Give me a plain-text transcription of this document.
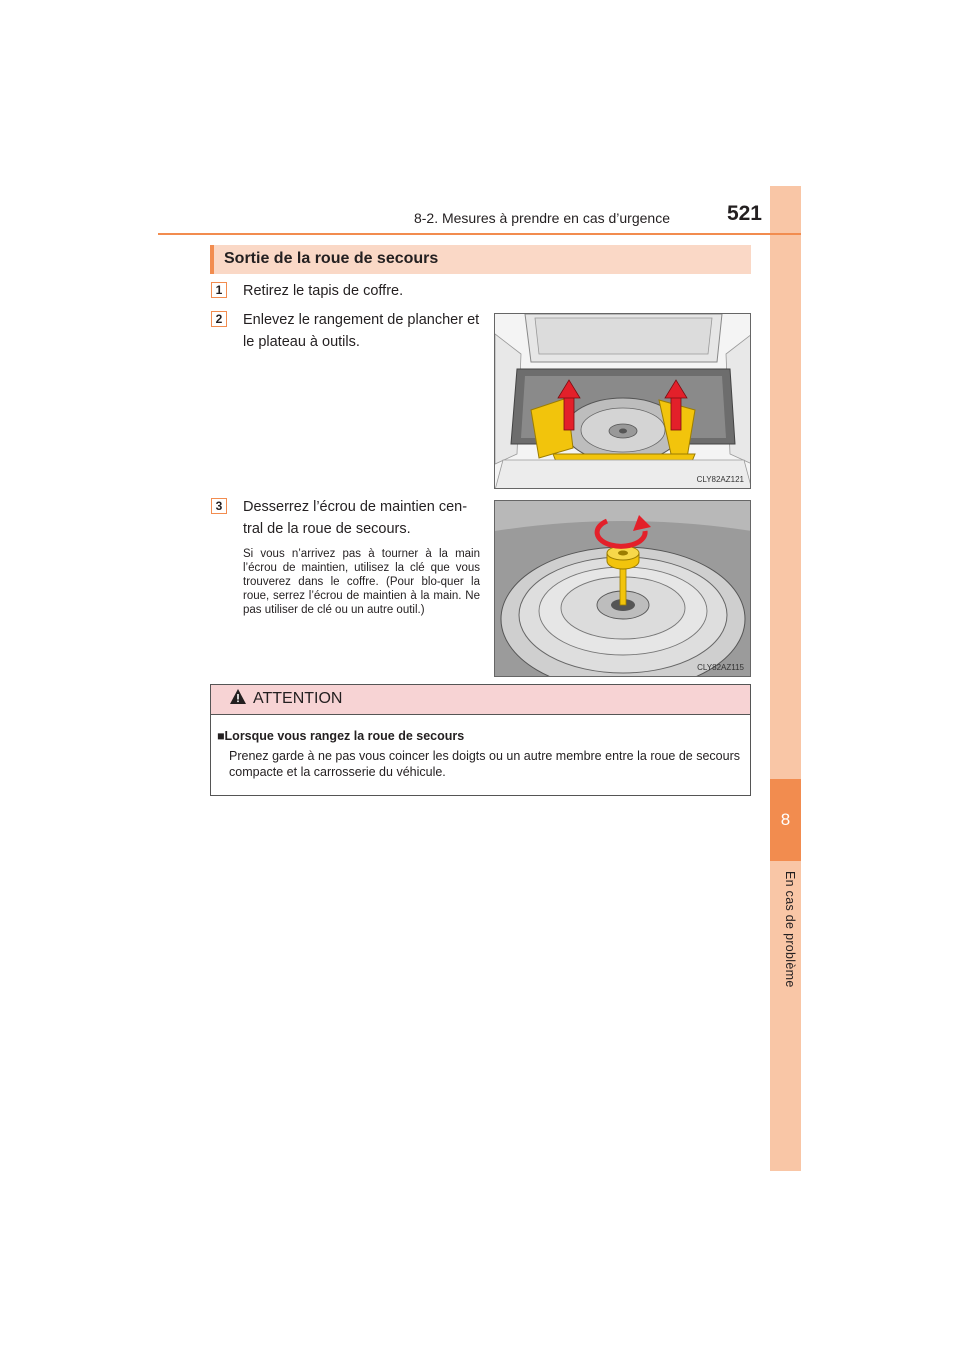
8
En cas de problème
8-2. Mesures à prendre en cas d’urgence	521
Sortie de la roue de secours
1	Retirez le tapis de coffre.
2	Enlevez le rangement de plancher et
le plateau à outils.
CLY82AZ121
3	Desserrez l’écrou de maintien cen-
tral de la roue de secours.
Si vous n’arrivez pas à tourner à la main l’écrou de maintien, utilisez la clé que vous trouverez dans le coffre. (Pour blo-quer la roue, serrez l’écrou de maintien à la main. Ne pas utiliser de clé ou un autre outil.)
CLY82AZ115
ATTENTION
■Lorsque vous rangez la roue de secours
Prenez garde à ne pas vous coincer les doigts ou un autre membre entre la roue de secours compacte et la carrosserie du véhicule.
